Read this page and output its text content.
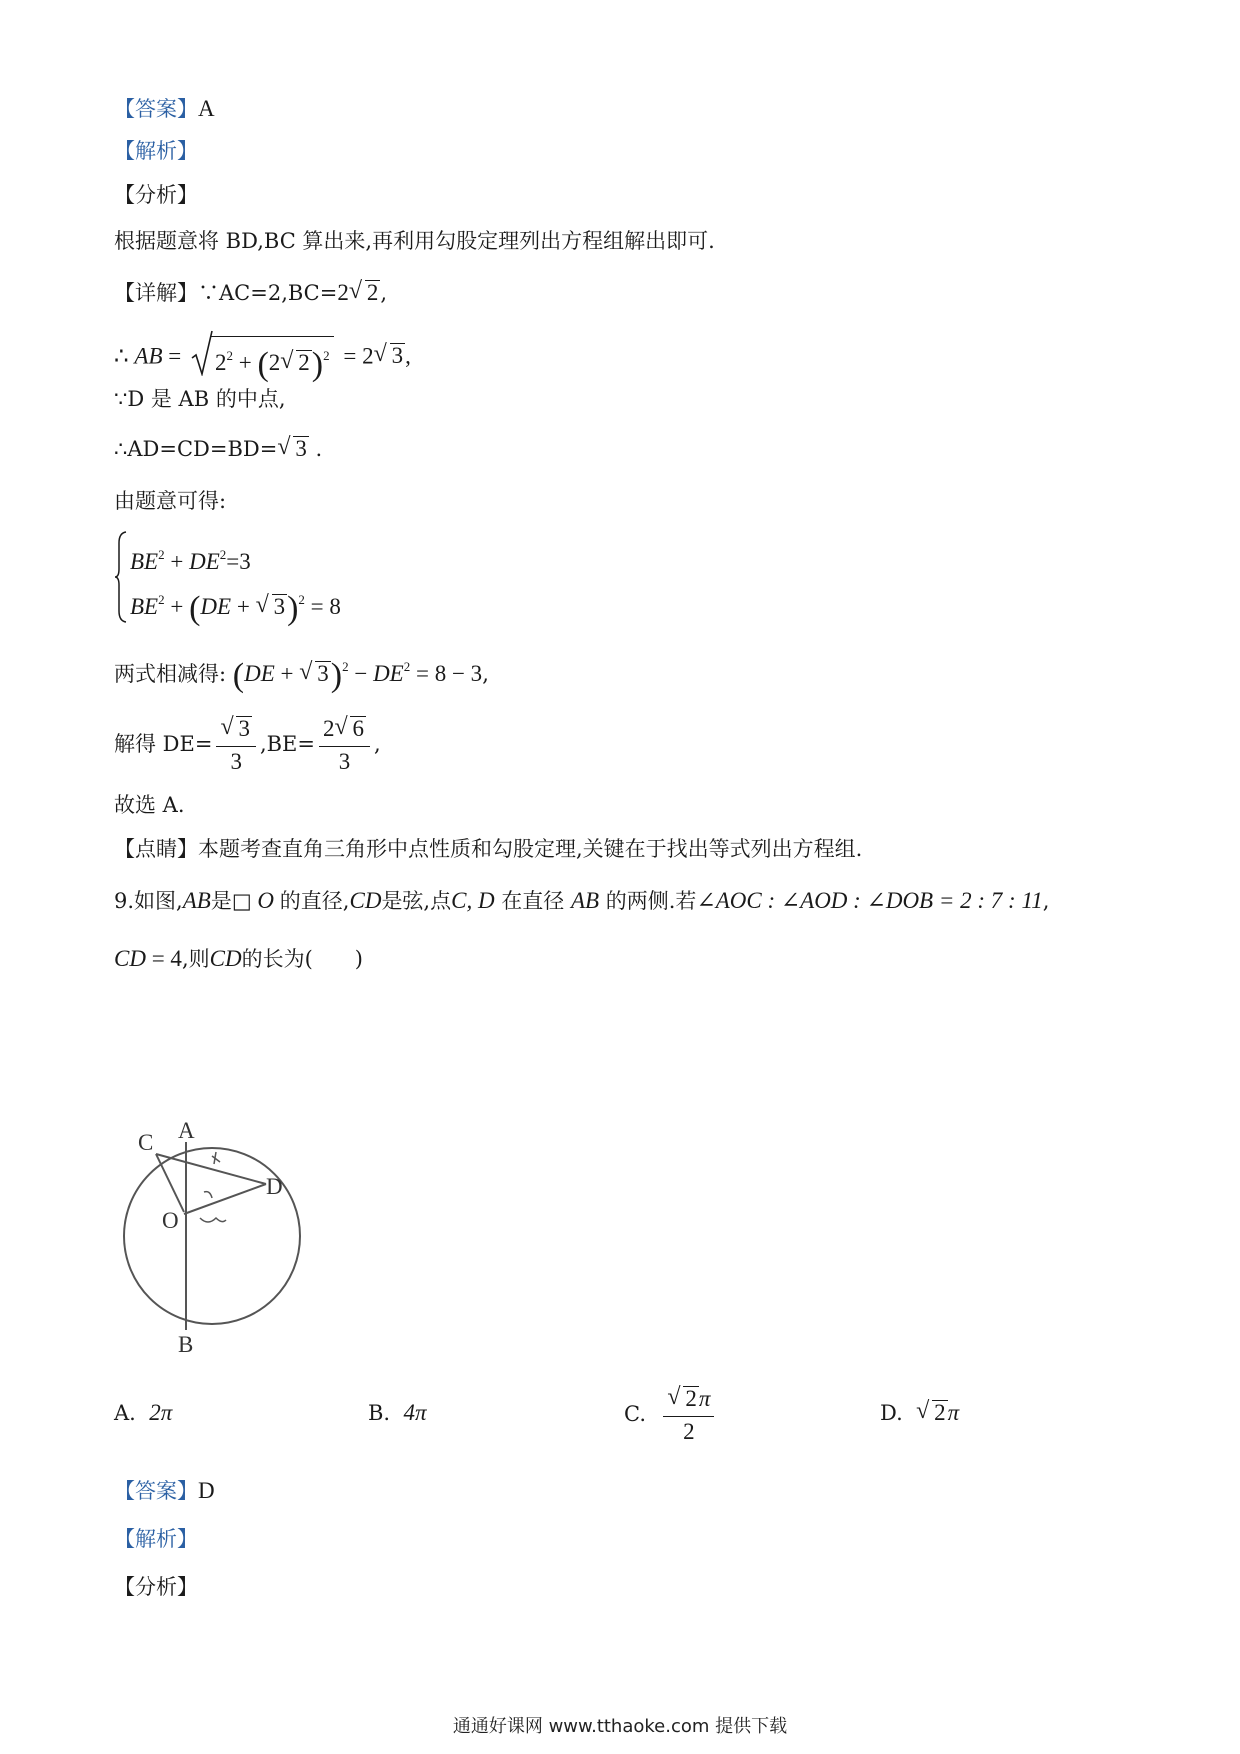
【答案】A
【解析】
【分析】
根据题意将 BD,BC 算出来,再利用勾股定理列出方程组解出即可.
【详解】∵AC=2,BC=2√ 2,
∴ AB =
$2^2 + (2√$ 2)$^2$ = 2√ 3,
∵D 是 AB 的中点,
∴AD=CD=BD=√ 3 .
由题意可得:
$BE^2 + DE^2=3$
$BE^2 + (DE$ + √ 3)$^2$ = 8
两式相减得: (DE + √ $3)^2 - DE^2 = 8 - 3$,
解得 DE=
√ $\frac{3}{3} ,BE= \frac{2√ 6}{3}$ ,
故选 A.
【点睛】本题考查直角三角形中点性质和勾股定理,关键在于找出等式列出方程组.
9.如图,AB是□ O 的直径,CD是弦,点C, D 在直径 AB 的两侧.若∠AOC : ∠AOD : ∠DOB = 2 : 7 : 11,
CD = 4,则CD的长为(　　)
C A
D
O
B
A. 2π	B. 4π	C.
√ $\frac{2\pi}{2}$	D.  √ 2π
【答案】D
【解析】
【分析】
通通好课网 www.tthaoke.com 提供下载
